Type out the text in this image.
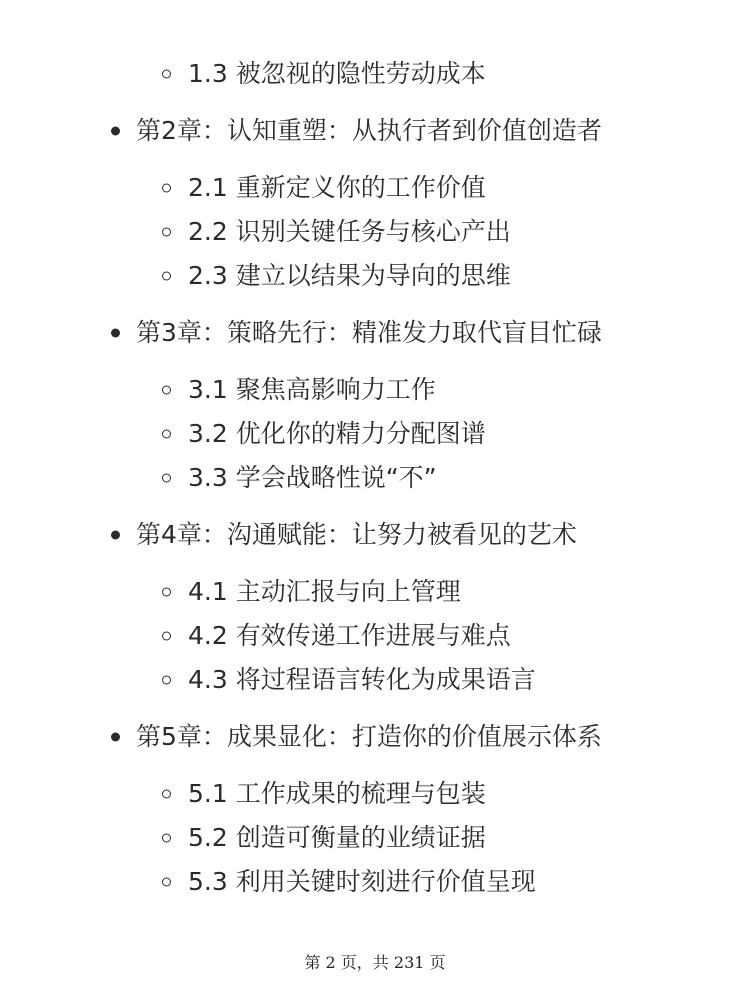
1.3 被忽视的隐性劳动成本
第2章：认知重塑：从执行者到价值创造者
2.1 重新定义你的工作价值
2.2 识别关键任务与核心产出
2.3 建立以结果为导向的思维
第3章：策略先行：精准发力取代盲目忙碌
3.1 聚焦高影响力工作
3.2 优化你的精力分配图谱
3.3 学会战略性说“不”
第4章：沟通赋能：让努力被看见的艺术
4.1 主动汇报与向上管理
4.2 有效传递工作进展与难点
4.3 将过程语言转化为成果语言
第5章：成果显化：打造你的价值展示体系
5.1 工作成果的梳理与包装
5.2 创造可衡量的业绩证据
5.3 利用关键时刻进行价值呈现
第 2 页，共 231 页
